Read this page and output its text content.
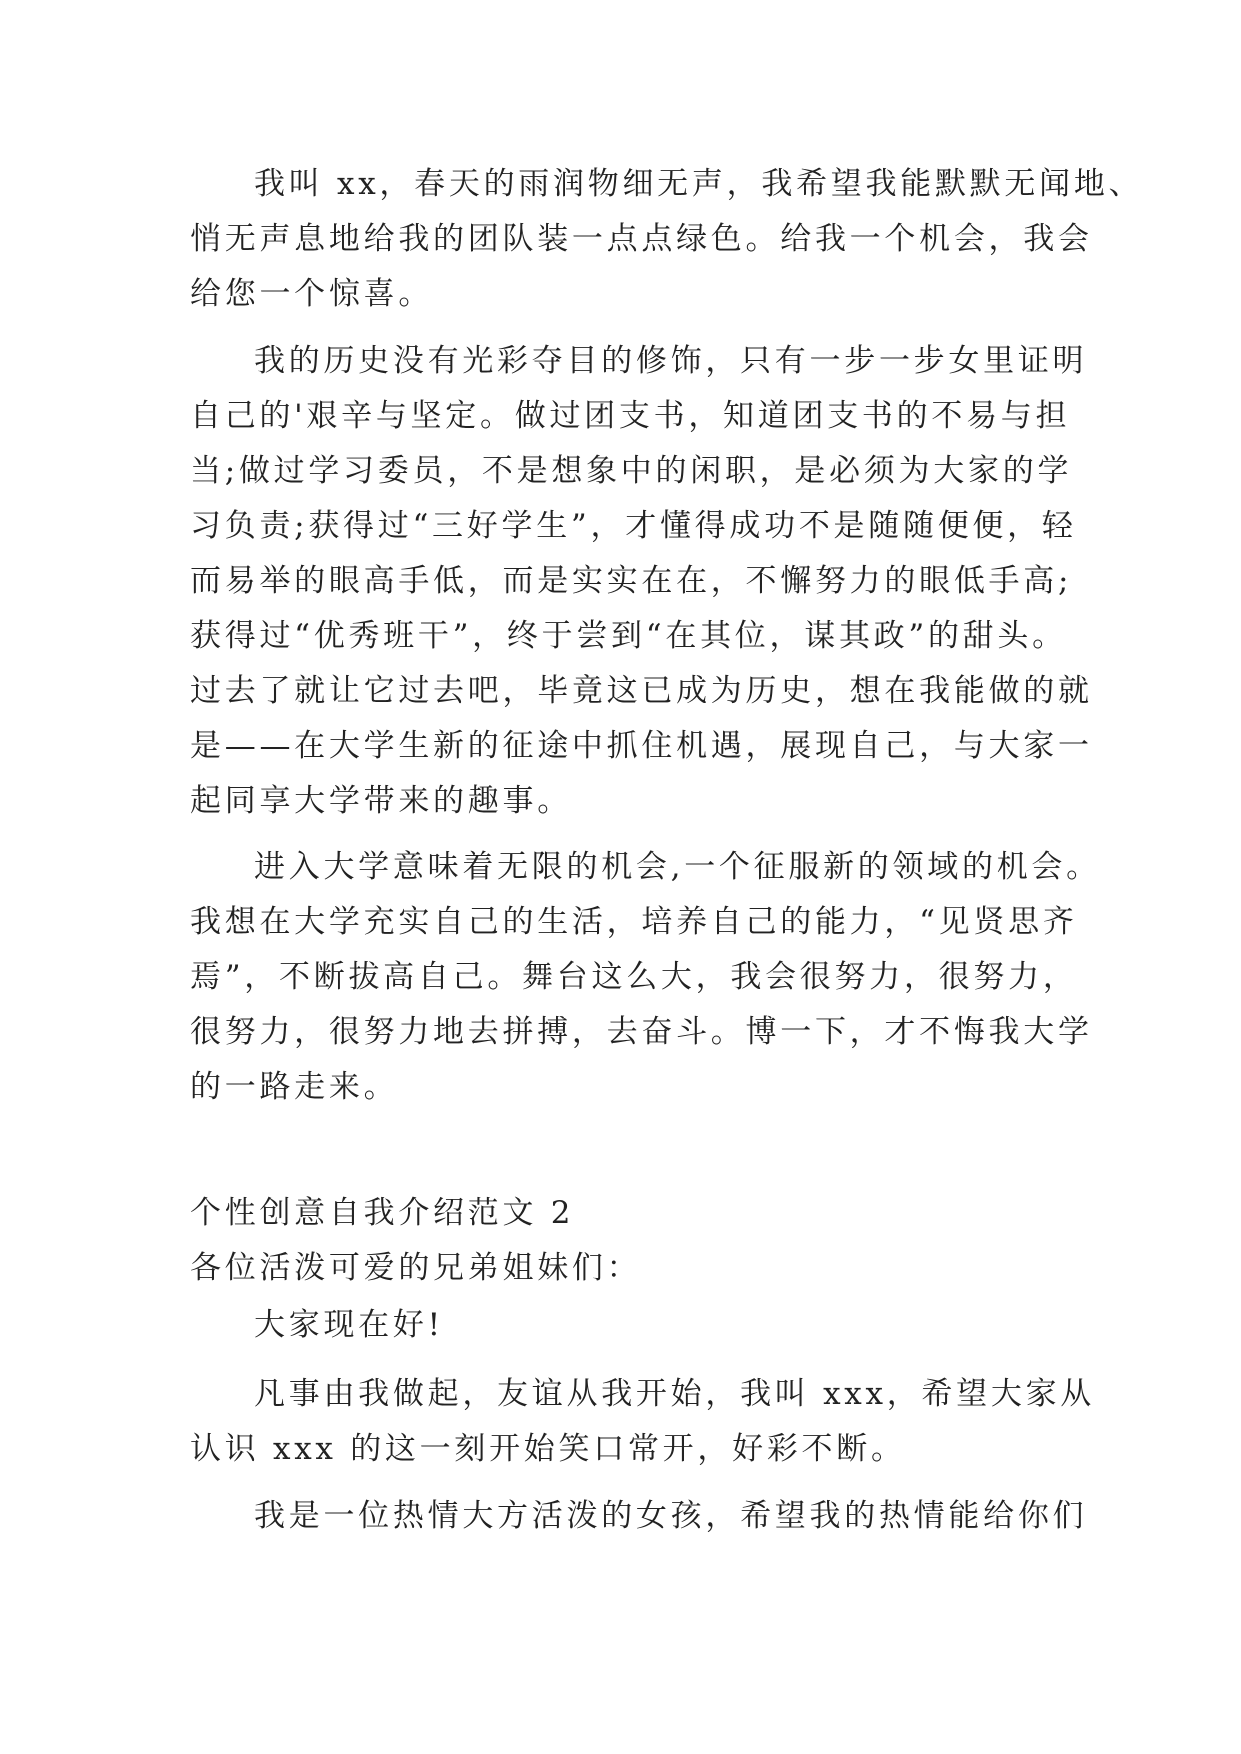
我叫 xx，春天的雨润物细无声，我希望我能默默无闻地、
悄无声息地给我的团队装一点点绿色。给我一个机会，我会
给您一个惊喜。
我的历史没有光彩夺目的修饰，只有一步一步女里证明
自己的'艰辛与坚定。做过团支书，知道团支书的不易与担
当;做过学习委员，不是想象中的闲职，是必须为大家的学
习负责;获得过“三好学生”，才懂得成功不是随随便便，轻
而易举的眼高手低，而是实实在在，不懈努力的眼低手高;
获得过“优秀班干”，终于尝到“在其位，谋其政”的甜头。
过去了就让它过去吧，毕竟这已成为历史，想在我能做的就
是——在大学生新的征途中抓住机遇，展现自己，与大家一
起同享大学带来的趣事。
进入大学意味着无限的机会,一个征服新的领域的机会。
我想在大学充实自己的生活，培养自己的能力，“见贤思齐
焉”，不断拔高自己。舞台这么大，我会很努力，很努力，
很努力，很努力地去拼搏，去奋斗。博一下，才不悔我大学
的一路走来。
个性创意自我介绍范文 2
各位活泼可爱的兄弟姐妹们：
大家现在好!
凡事由我做起，友谊从我开始，我叫 xxx，希望大家从
认识 xxx 的这一刻开始笑口常开，好彩不断。
我是一位热情大方活泼的女孩，希望我的热情能给你们
